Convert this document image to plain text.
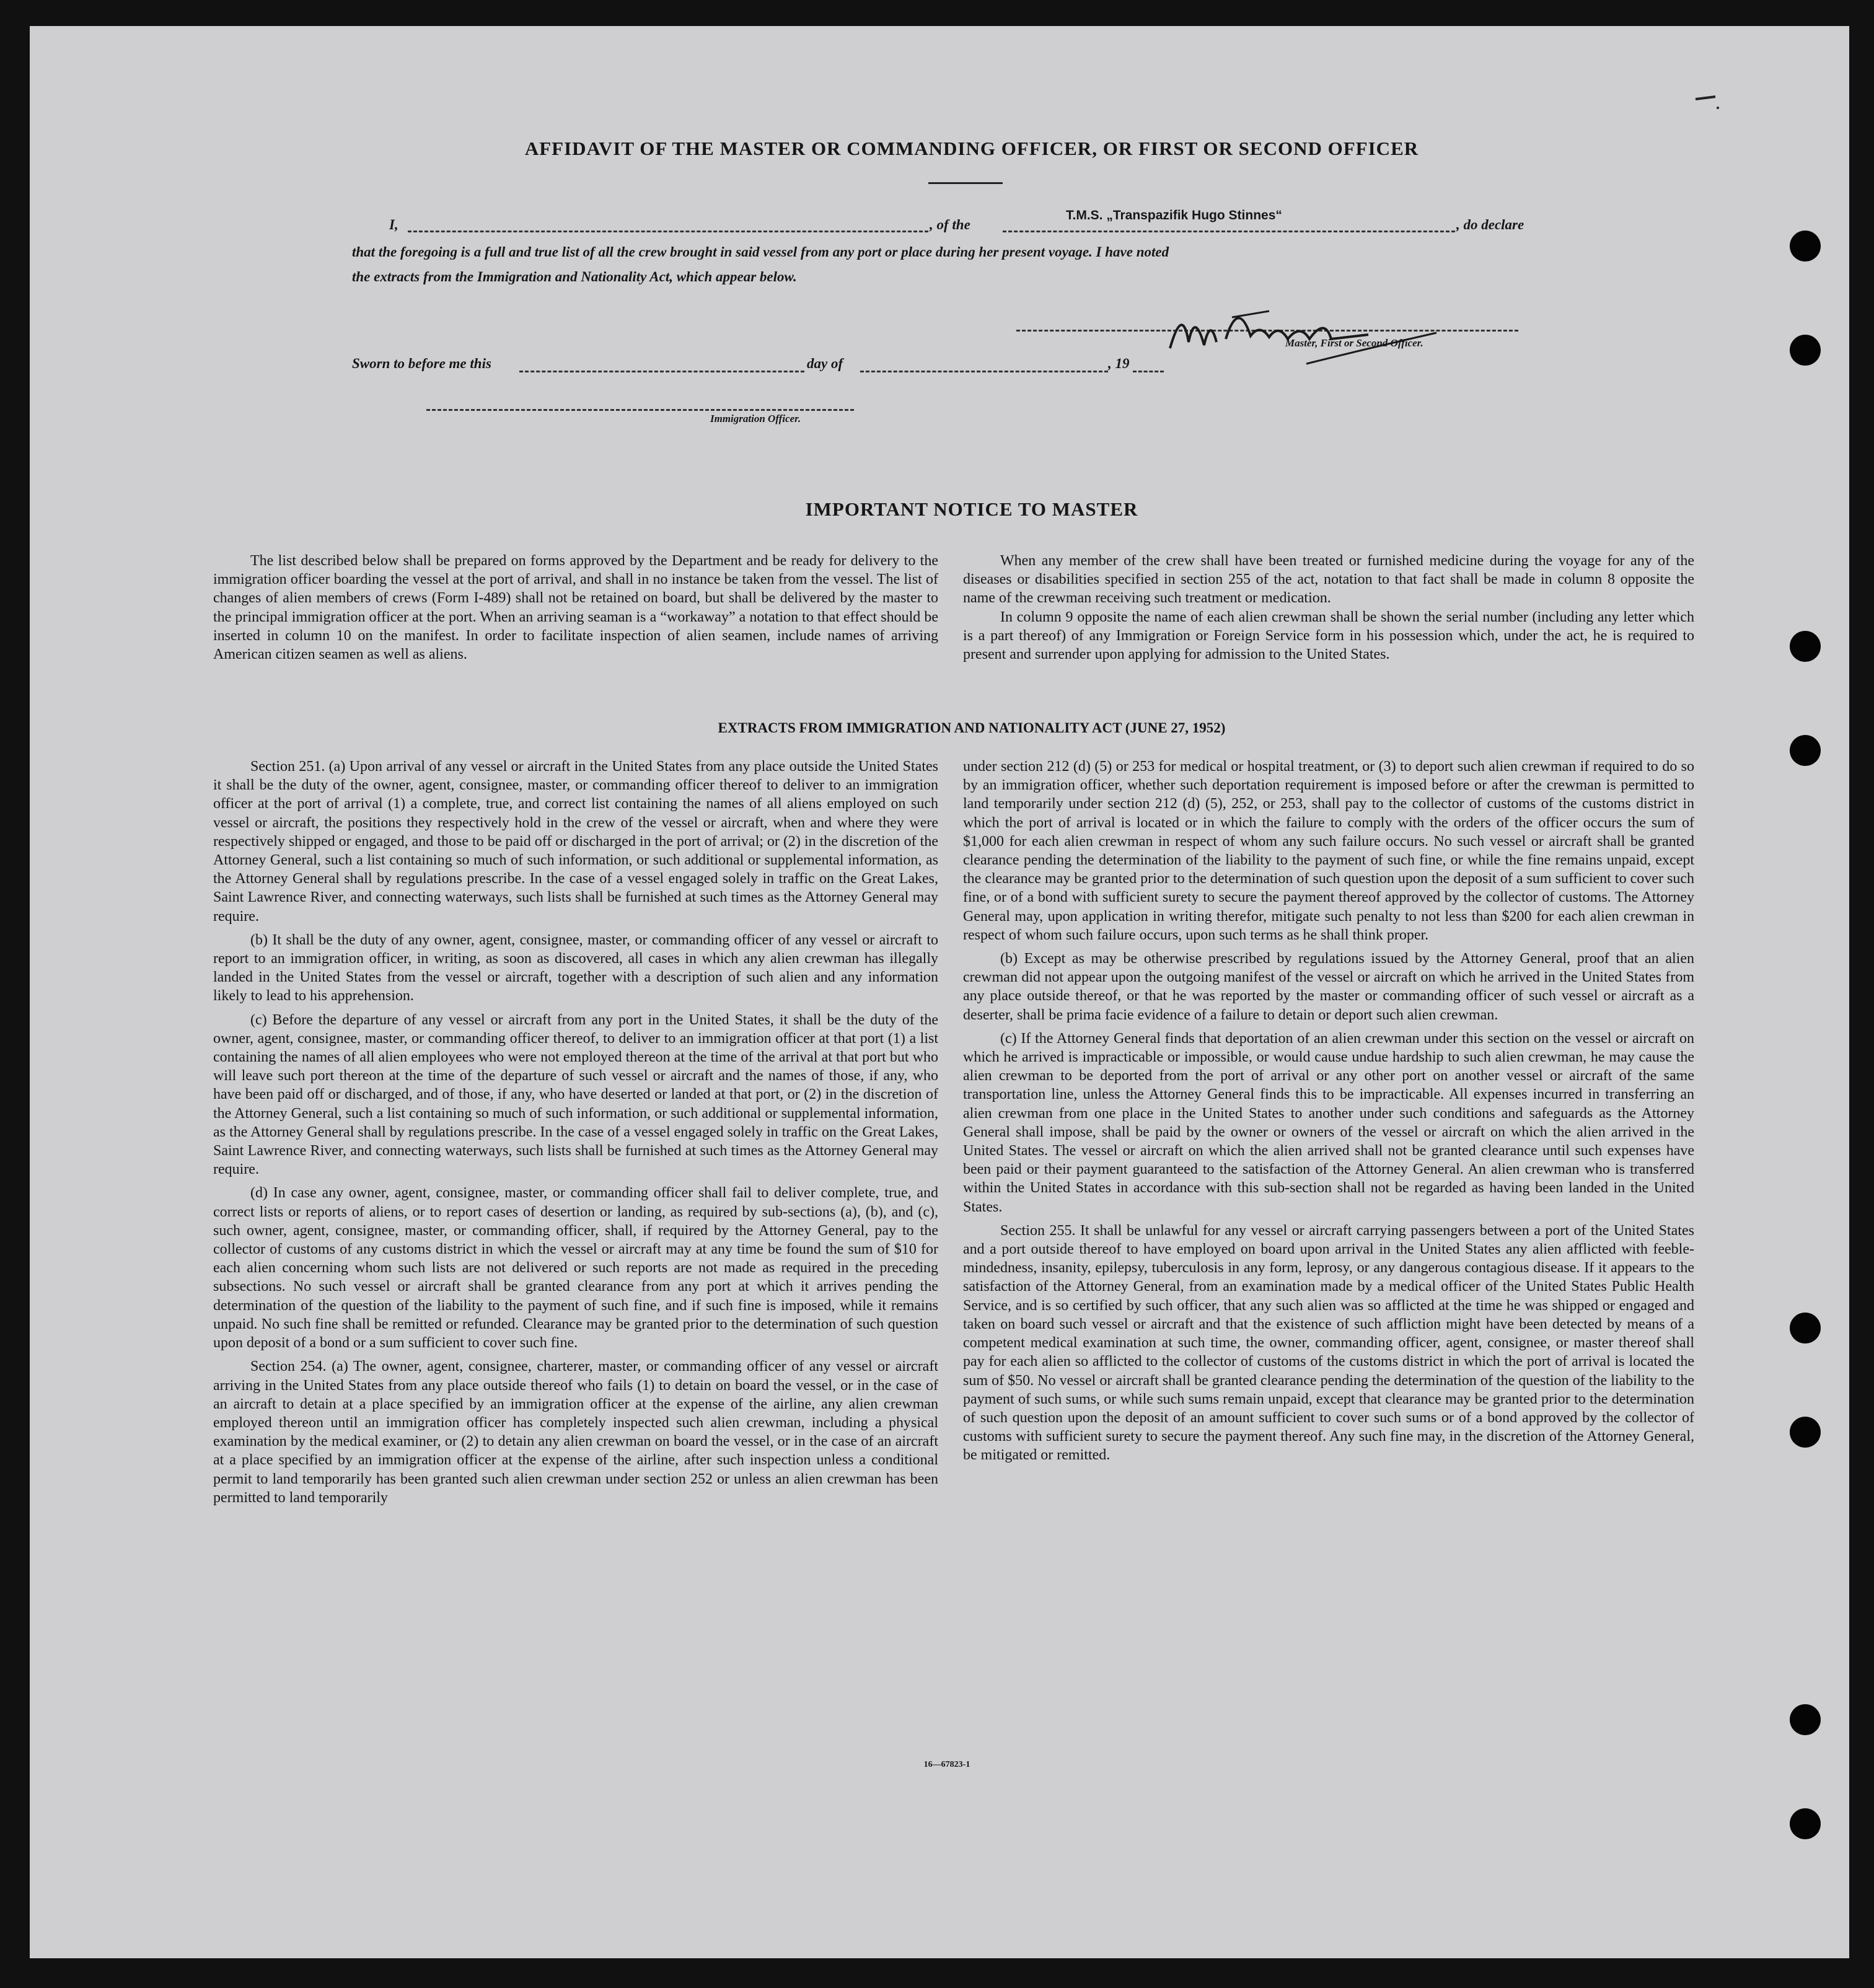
AFFIDAVIT OF THE MASTER OR COMMANDING OFFICER, OR FIRST OR SECOND OFFICER
I,	, of the
T.M.S. „Transpazifik Hugo Stinnes“
, do declare
that the foregoing is a full and true list of all the crew brought in said vessel from any port or place during her present voyage. I have noted
the extracts from the Immigration and Nationality Act, which appear below.
Master, First or Second Officer.
Sworn to before me this	day of	, 19
Immigration Officer.
IMPORTANT NOTICE TO MASTER

The list described below shall be prepared on forms approved by the Department and be ready for delivery to the immigration officer boarding the vessel at the port of arrival, and shall in no instance be taken from the vessel. The list of changes of alien members of crews (Form I-489) shall not be retained on board, but shall be delivered by the master to the principal immigration officer at the port. When an arriving seaman is a “workaway” a notation to that effect should be inserted in column 10 on the manifest. In order to facilitate inspection of alien seamen, include names of arriving American citizen seamen as well as aliens.

When any member of the crew shall have been treated or furnished medicine during the voyage for any of the diseases or disabilities specified in section 255 of the act, notation to that fact shall be made in column 8 opposite the name of the crewman receiving such treatment or medication.

In column 9 opposite the name of each alien crewman shall be shown the serial number (including any letter which is a part thereof) of any Immigration or Foreign Service form in his possession which, under the act, he is required to present and surrender upon applying for admission to the United States.

EXTRACTS FROM IMMIGRATION AND NATIONALITY ACT (JUNE 27, 1952)

Section 251. (a) Upon arrival of any vessel or aircraft in the United States from any place outside the United States it shall be the duty of the owner, agent, consignee, master, or commanding officer thereof to deliver to an immigration officer at the port of arrival (1) a complete, true, and correct list containing the names of all aliens employed on such vessel or aircraft, the positions they respectively hold in the crew of the vessel or aircraft, when and where they were respectively shipped or engaged, and those to be paid off or discharged in the port of arrival; or (2) in the discretion of the Attorney General, such a list containing so much of such information, or such additional or supplemental information, as the Attorney General shall by regulations prescribe. In the case of a vessel engaged solely in traffic on the Great Lakes, Saint Lawrence River, and connecting waterways, such lists shall be furnished at such times as the Attorney General may require.

(b) It shall be the duty of any owner, agent, consignee, master, or commanding officer of any vessel or aircraft to report to an immigration officer, in writing, as soon as discovered, all cases in which any alien crewman has illegally landed in the United States from the vessel or aircraft, together with a description of such alien and any information likely to lead to his apprehension.

(c) Before the departure of any vessel or aircraft from any port in the United States, it shall be the duty of the owner, agent, consignee, master, or commanding officer thereof, to deliver to an immigration officer at that port (1) a list containing the names of all alien employees who were not employed thereon at the time of the arrival at that port but who will leave such port thereon at the time of the departure of such vessel or aircraft and the names of those, if any, who have been paid off or discharged, and of those, if any, who have deserted or landed at that port, or (2) in the discretion of the Attorney General, such a list containing so much of such information, or such additional or supplemental information, as the Attorney General shall by regulations prescribe. In the case of a vessel engaged solely in traffic on the Great Lakes, Saint Lawrence River, and connecting waterways, such lists shall be furnished at such times as the Attorney General may require.

(d) In case any owner, agent, consignee, master, or commanding officer shall fail to deliver complete, true, and correct lists or reports of aliens, or to report cases of desertion or landing, as required by sub-sections (a), (b), and (c), such owner, agent, consignee, master, or commanding officer, shall, if required by the Attorney General, pay to the collector of customs of any customs district in which the vessel or aircraft may at any time be found the sum of $10 for each alien concerning whom such lists are not delivered or such reports are not made as required in the preceding subsections. No such vessel or aircraft shall be granted clearance from any port at which it arrives pending the determination of the question of the liability to the payment of such fine, and if such fine is imposed, while it remains unpaid. No such fine shall be remitted or refunded. Clearance may be granted prior to the determination of such question upon deposit of a bond or a sum sufficient to cover such fine.

Section 254. (a) The owner, agent, consignee, charterer, master, or commanding officer of any vessel or aircraft arriving in the United States from any place outside thereof who fails (1) to detain on board the vessel, or in the case of an aircraft to detain at a place specified by an immigration officer at the expense of the airline, any alien crewman employed thereon until an immigration officer has completely inspected such alien crewman, including a physical examination by the medical examiner, or (2) to detain any alien crewman on board the vessel, or in the case of an aircraft at a place specified by an immigration officer at the expense of the airline, after such inspection unless a conditional permit to land temporarily has been granted such alien crewman under section 252 or unless an alien crewman has been permitted to land temporarily

under section 212 (d) (5) or 253 for medical or hospital treatment, or (3) to deport such alien crewman if required to do so by an immigration officer, whether such deportation requirement is imposed before or after the crewman is permitted to land temporarily under section 212 (d) (5), 252, or 253, shall pay to the collector of customs of the customs district in which the port of arrival is located or in which the failure to comply with the orders of the officer occurs the sum of $1,000 for each alien crewman in respect of whom any such failure occurs. No such vessel or aircraft shall be granted clearance pending the determination of the liability to the payment of such fine, or while the fine remains unpaid, except the clearance may be granted prior to the determination of such question upon the deposit of a sum sufficient to cover such fine, or of a bond with sufficient surety to secure the payment thereof approved by the collector of customs. The Attorney General may, upon application in writing therefor, mitigate such penalty to not less than $200 for each alien crewman in respect of whom such failure occurs, upon such terms as he shall think proper.

(b) Except as may be otherwise prescribed by regulations issued by the Attorney General, proof that an alien crewman did not appear upon the outgoing manifest of the vessel or aircraft on which he arrived in the United States from any place outside thereof, or that he was reported by the master or commanding officer of such vessel or aircraft as a deserter, shall be prima facie evidence of a failure to detain or deport such alien crewman.

(c) If the Attorney General finds that deportation of an alien crewman under this section on the vessel or aircraft on which he arrived is impracticable or impossible, or would cause undue hardship to such alien crewman, he may cause the alien crewman to be deported from the port of arrival or any other port on another vessel or aircraft of the same transportation line, unless the Attorney General finds this to be impracticable. All expenses incurred in transferring an alien crewman from one place in the United States to another under such conditions and safeguards as the Attorney General shall impose, shall be paid by the owner or owners of the vessel or aircraft on which the alien arrived in the United States. The vessel or aircraft on which the alien arrived shall not be granted clearance until such expenses have been paid or their payment guaranteed to the satisfaction of the Attorney General. An alien crewman who is transferred within the United States in accordance with this sub-section shall not be regarded as having been landed in the United States.

Section 255. It shall be unlawful for any vessel or aircraft carrying passengers between a port of the United States and a port outside thereof to have employed on board upon arrival in the United States any alien afflicted with feeble-mindedness, insanity, epilepsy, tuberculosis in any form, leprosy, or any dangerous contagious disease. If it appears to the satisfaction of the Attorney General, from an examination made by a medical officer of the United States Public Health Service, and is so certified by such officer, that any such alien was so afflicted at the time he was shipped or engaged and taken on board such vessel or aircraft and that the existence of such affliction might have been detected by means of a competent medical examination at such time, the owner, commanding officer, agent, consignee, or master thereof shall pay for each alien so afflicted to the collector of customs of the customs district in which the port of arrival is located the sum of $50. No vessel or aircraft shall be granted clearance pending the determination of the question of the liability to the payment of such sums, or while such sums remain unpaid, except that clearance may be granted prior to the determination of such question upon the deposit of an amount sufficient to cover such sums or of a bond approved by the collector of customs with sufficient surety to secure the payment thereof. Any such fine may, in the discretion of the Attorney General, be mitigated or remitted.

16—67823-1
